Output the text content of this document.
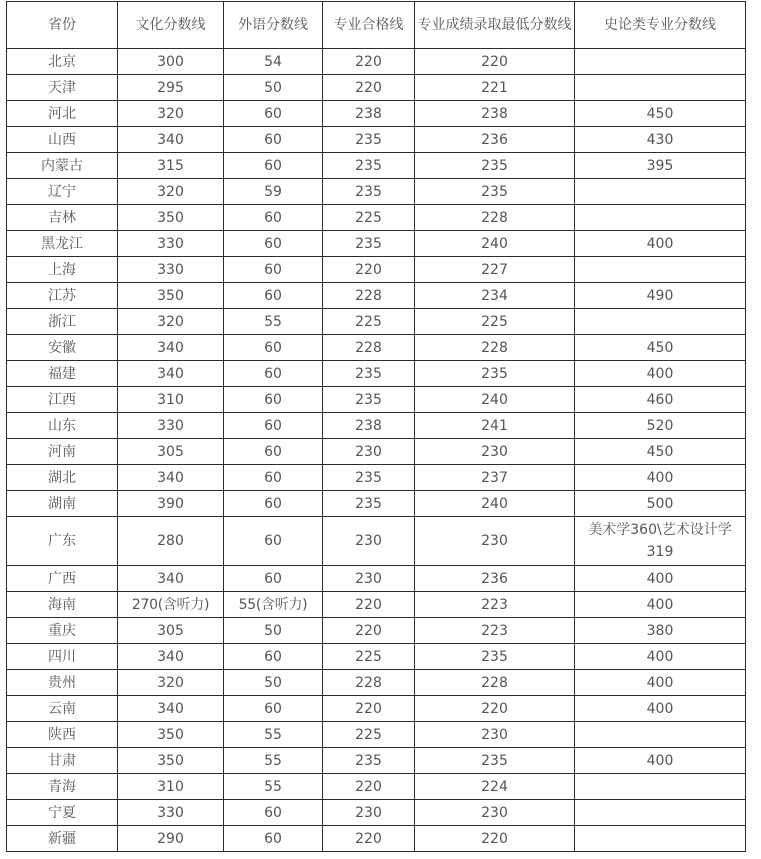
省份	文化分数线	外语分数线	专业合格线	专业成绩录取最低分数线	史论类专业分数线
北京	300	54	220	220	
天津	295	50	220	221	
河北	320	60	238	238	450
山西	340	60	235	236	430
内蒙古	315	60	235	235	395
辽宁	320	59	235	235	
吉林	350	60	225	228	
黑龙江	330	60	235	240	400
上海	330	60	220	227	
江苏	350	60	228	234	490
浙江	320	55	225	225	
安徽	340	60	228	228	450
福建	340	60	235	235	400
江西	310	60	235	240	460
山东	330	60	238	241	520
河南	305	60	230	230	450
湖北	340	60	235	237	400
湖南	390	60	235	240	500
广东	280	60	230	230	美术学360\艺术设计学319
广西	340	60	230	236	400
海南	270(含听力)	55(含听力)	220	223	400
重庆	305	50	220	223	380
四川	340	60	225	235	400
贵州	320	50	228	228	400
云南	340	60	220	220	400
陕西	350	55	225	230	
甘肃	350	55	235	235	400
青海	310	55	220	224	
宁夏	330	60	230	230	
新疆	290	60	220	220	
